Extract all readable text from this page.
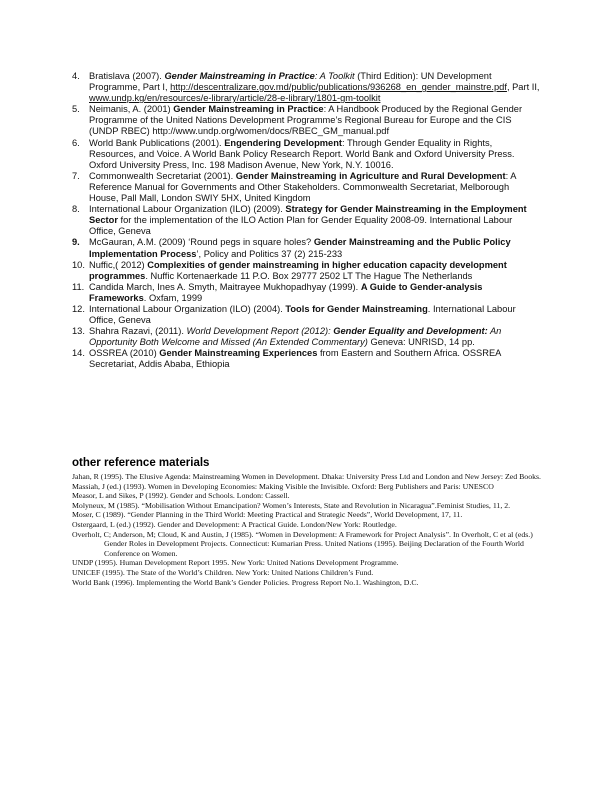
4. Bratislava (2007). Gender Mainstreaming in Practice: A Toolkit (Third Edition): UN Development Programme, Part I, http://descentralizare.gov.md/public/publications/936268_en_gender_mainstre.pdf, Part II, www.undp.kg/en/resources/e-library/article/28-e-library/1801-gm-toolkit

5. Neimanis, A. (2001) Gender Mainstreaming in Practice: A Handbook Produced by the Regional Gender Programme of the United Nations Development Programme’s Regional Bureau for Europe and the CIS (UNDP RBEC) http://www.undp.org/women/docs/RBEC_GM_manual.pdf

6. World Bank Publications (2001). Engendering Development: Through Gender Equality in Rights, Resources, and Voice. A World Bank Policy Research Report. World Bank and Oxford University Press. Oxford University Press, Inc. 198 Madison Avenue, New York, N.Y. 10016.

7. Commonwealth Secretariat (2001). Gender Mainstreaming in Agriculture and Rural Development: A Reference Manual for Governments and Other Stakeholders. Commonwealth Secretariat, Melborough House, Pall Mall, London SWIY 5HX, United Kingdom

8. International Labour Organization (ILO) (2009). Strategy for Gender Mainstreaming in the Employment Sector for the implementation of the ILO Action Plan for Gender Equality 2008-09. International Labour Office, Geneva

9. McGauran, A.M. (2009) ‘Round pegs in square holes? Gender Mainstreaming and the Public Policy Implementation Process’, Policy and Politics 37 (2) 215-233

10. Nuffic,( 2012) Complexities of gender mainstreaming in higher education capacity development programmes. Nuffic Kortenaerkade 11 P.O. Box 29777 2502 LT The Hague The Netherlands

11. Candida March, Ines A. Smyth, Maitrayee Mukhopadhyay (1999). A Guide to Gender-analysis Frameworks. Oxfam, 1999

12. International Labour Organization (ILO) (2004). Tools for Gender Mainstreaming. International Labour Office, Geneva

13. Shahra Razavi, (2011). World Development Report (2012): Gender Equality and Development: An Opportunity Both Welcome and Missed (An Extended Commentary) Geneva: UNRISD, 14 pp.

14. OSSREA (2010) Gender Mainstreaming Experiences from Eastern and Southern Africa. OSSREA Secretariat, Addis Ababa, Ethiopia

other reference materials

Jahan, R (1995). The Elusive Agenda: Mainstreaming Women in Development. Dhaka: University Press Ltd and London and New Jersey: Zed Books.

Massiah, J (ed.) (1993). Women in Developing Economies: Making Visible the Invisible. Oxford: Berg Publishers and Paris: UNESCO

Measor, L and Sikes, P (1992). Gender and Schools. London: Cassell.

Molyneux, M (1985). “Mobilisation Without Emancipation? Women’s Interests, State and Revolution in Nicaragua”.Feminist Studies, 11, 2.

Moser, C (1989). “Gender Planning in the Third World: Meeting Practical and Strategic Needs”, World Development, 17, 11.

Ostergaard, L (ed.) (1992). Gender and Development: A Practical Guide. London/New York: Routledge.

Overholt, C; Anderson, M; Cloud, K and Austin, J (1985). “Women in Development: A Framework for Project Analysis”. In Overholt, C et al (eds.) Gender Roles in Development Projects. Connecticut: Kumarian Press. United Nations (1995). Beijing Declaration of the Fourth World Conference on Women.

UNDP (1995). Human Development Report 1995. New York: United Nations Development Programme.

UNICEF (1995). The State of the World’s Children. New York: United Nations Children’s Fund.

World Bank (1996). Implementing the World Bank’s Gender Policies. Progress Report No.1. Washington, D.C.
